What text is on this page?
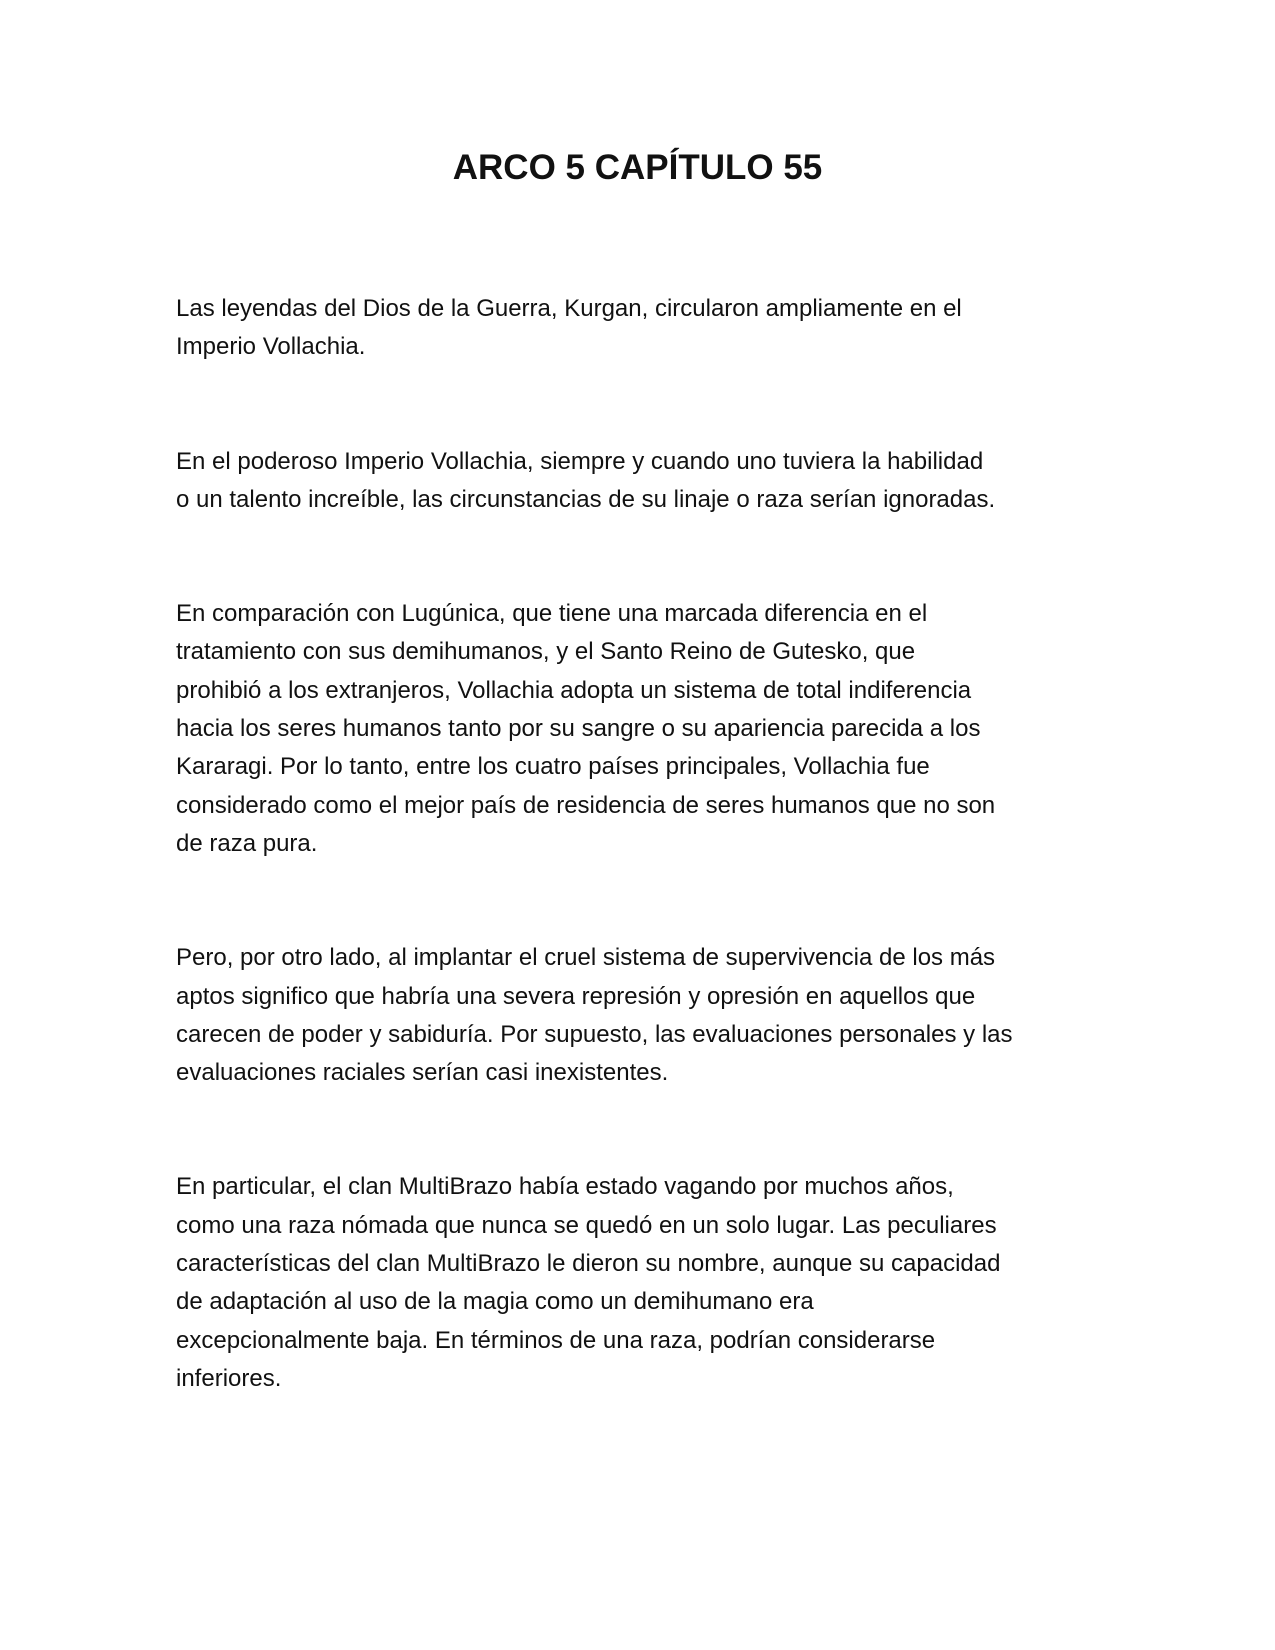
ARCO 5 CAPÍTULO 55

Las leyendas del Dios de la Guerra, Kurgan, circularon ampliamente en el
Imperio Vollachia.

En el poderoso Imperio Vollachia, siempre y cuando uno tuviera la habilidad
o un talento increíble, las circunstancias de su linaje o raza serían ignoradas.

En comparación con Lugúnica, que tiene una marcada diferencia en el
tratamiento con sus demihumanos, y el Santo Reino de Gutesko, que
prohibió a los extranjeros, Vollachia adopta un sistema de total indiferencia
hacia los seres humanos tanto por su sangre o su apariencia parecida a los
Kararagi. Por lo tanto, entre los cuatro países principales, Vollachia fue
considerado como el mejor país de residencia de seres humanos que no son
de raza pura.

Pero, por otro lado, al implantar el cruel sistema de supervivencia de los más
aptos significo que habría una severa represión y opresión en aquellos que
carecen de poder y sabiduría. Por supuesto, las evaluaciones personales y las
evaluaciones raciales serían casi inexistentes.

En particular, el clan MultiBrazo había estado vagando por muchos años,
como una raza nómada que nunca se quedó en un solo lugar. Las peculiares
características del clan MultiBrazo le dieron su nombre, aunque su capacidad
de adaptación al uso de la magia como un demihumano era
excepcionalmente baja. En términos de una raza, podrían considerarse
inferiores.
